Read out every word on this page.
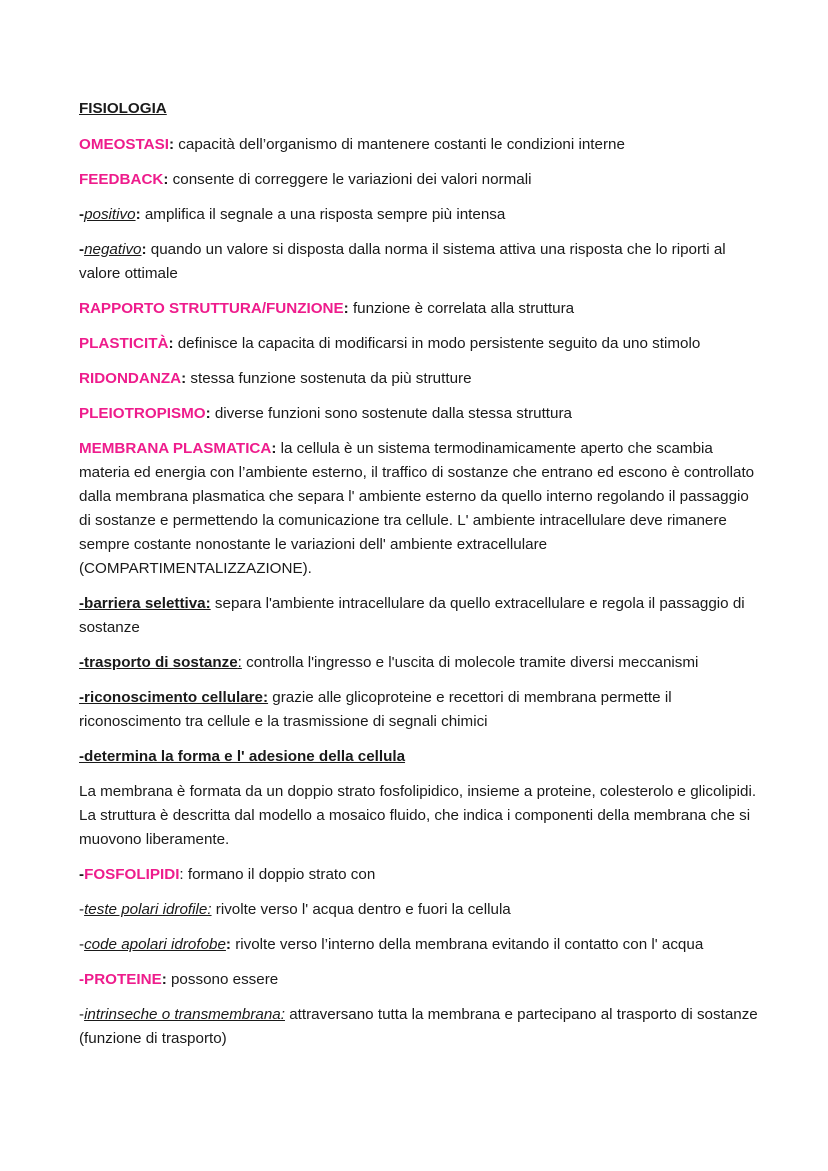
FISIOLOGIA

OMEOSTASI: capacità dell’organismo di mantenere costanti le condizioni interne

FEEDBACK: consente di correggere le variazioni dei valori normali

-positivo: amplifica il segnale a una risposta sempre più intensa

-negativo: quando un valore si disposta dalla norma il sistema attiva una risposta che lo riporti al valore ottimale

RAPPORTO STRUTTURA/FUNZIONE: funzione è correlata alla struttura

PLASTICITÀ: definisce la capacita di modificarsi in modo persistente seguito da uno stimolo

RIDONDANZA: stessa funzione sostenuta da più strutture

PLEIOTROPISMO: diverse funzioni sono sostenute dalla stessa struttura

MEMBRANA PLASMATICA: la cellula è un sistema termodinamicamente aperto che scambia materia ed energia con l’ambiente esterno, il traffico di sostanze che entrano ed escono è controllato dalla membrana plasmatica che separa l' ambiente esterno da quello interno regolando il passaggio di sostanze e permettendo la comunicazione tra cellule. L' ambiente intracellulare deve rimanere sempre costante nonostante le variazioni dell' ambiente extracellulare (COMPARTIMENTALIZZAZIONE).

-barriera selettiva: separa l'ambiente intracellulare da quello extracellulare e regola il passaggio di sostanze

-trasporto di sostanze: controlla l'ingresso e l'uscita di molecole tramite diversi meccanismi

-riconoscimento cellulare: grazie alle glicoproteine e recettori di membrana permette il riconoscimento tra cellule e la trasmissione di segnali chimici

-determina la forma e l' adesione della cellula

La membrana è formata da un doppio strato fosfolipidico, insieme a proteine, colesterolo e glicolipidi. La struttura è descritta dal modello a mosaico fluido, che indica i componenti della membrana che si muovono liberamente.

-FOSFOLIPIDI: formano il doppio strato con

-teste polari idrofile: rivolte verso l' acqua dentro e fuori la cellula

-code apolari idrofobe: rivolte verso l’interno della membrana evitando il contatto con l' acqua

-PROTEINE: possono essere

-intrinseche o transmembrana: attraversano tutta la membrana e partecipano al trasporto di sostanze (funzione di trasporto)
